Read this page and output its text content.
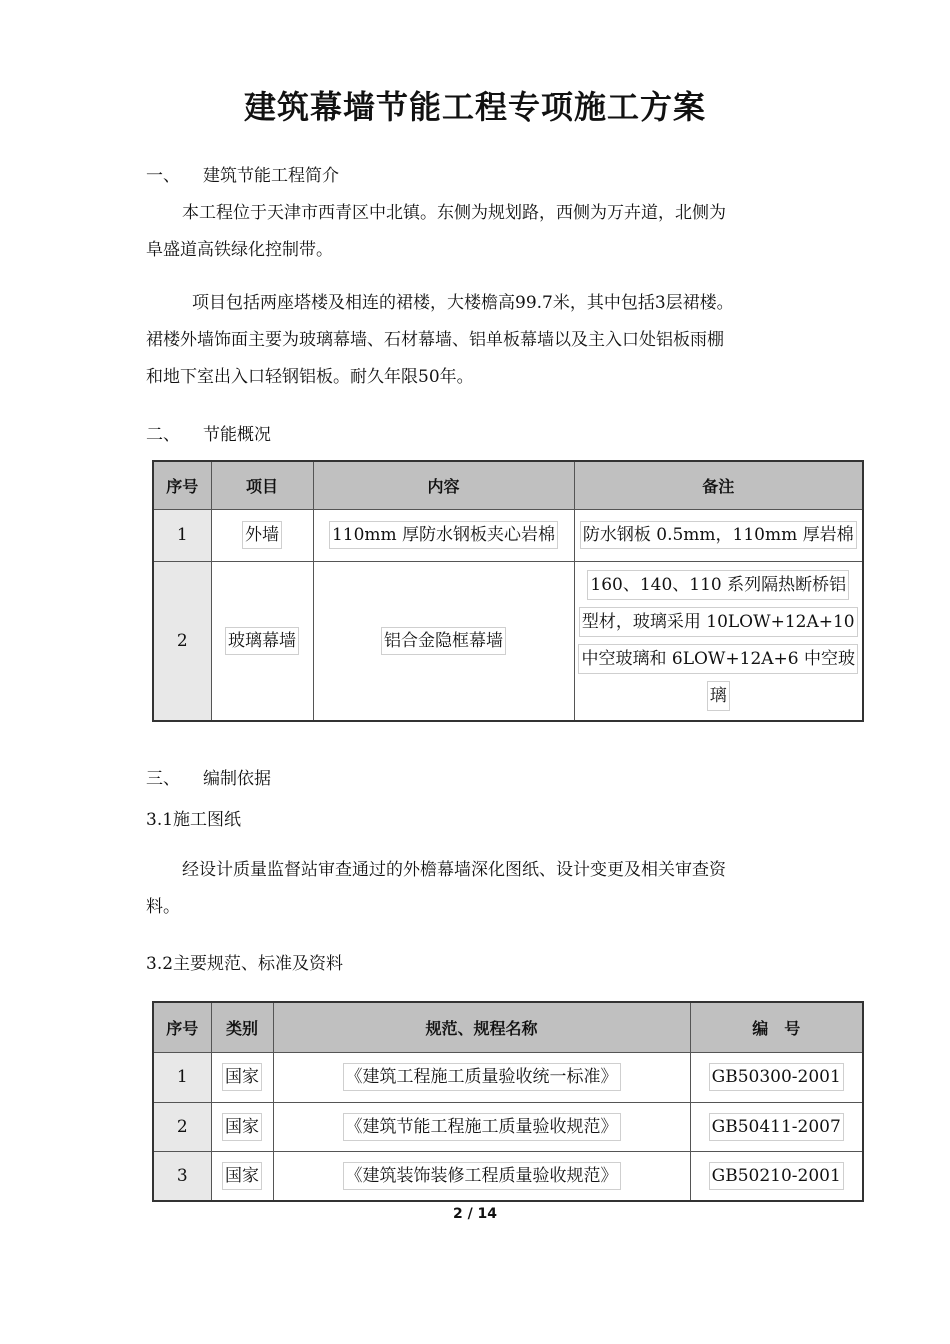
建筑幕墙节能工程专项施工方案
一、 建筑节能工程简介
本工程位于天津市西青区中北镇。东侧为规划路，西侧为万卉道，北侧为
阜盛道高铁绿化控制带。
项目包括两座塔楼及相连的裙楼，大楼檐高99.7米，其中包括3层裙楼。
裙楼外墙饰面主要为玻璃幕墙、石材幕墙、铝单板幕墙以及主入口处铝板雨棚
和地下室出入口轻钢铝板。耐久年限50年。
二、 节能概况
序号	项目	内容	备注
1	外墙	110mm 厚防水钢板夹心岩棉	防水钢板 0.5mm，110mm 厚岩棉
2	玻璃幕墙	铝合金隐框幕墙	160、140、110 系列隔热断桥铝
型材，玻璃采用 10LOW+12A+10
中空玻璃和 6LOW+12A+6 中空玻
璃
三、 编制依据
3.1施工图纸
经设计质量监督站审查通过的外檐幕墙深化图纸、设计变更及相关审查资
料。
3.2主要规范、标准及资料
序号	类别	规范、规程名称	编　号
1	国家	《建筑工程施工质量验收统一标准》	GB50300-2001
2	国家	《建筑节能工程施工质量验收规范》	GB50411-2007
3	国家	《建筑装饰装修工程质量验收规范》	GB50210-2001
2 / 14
